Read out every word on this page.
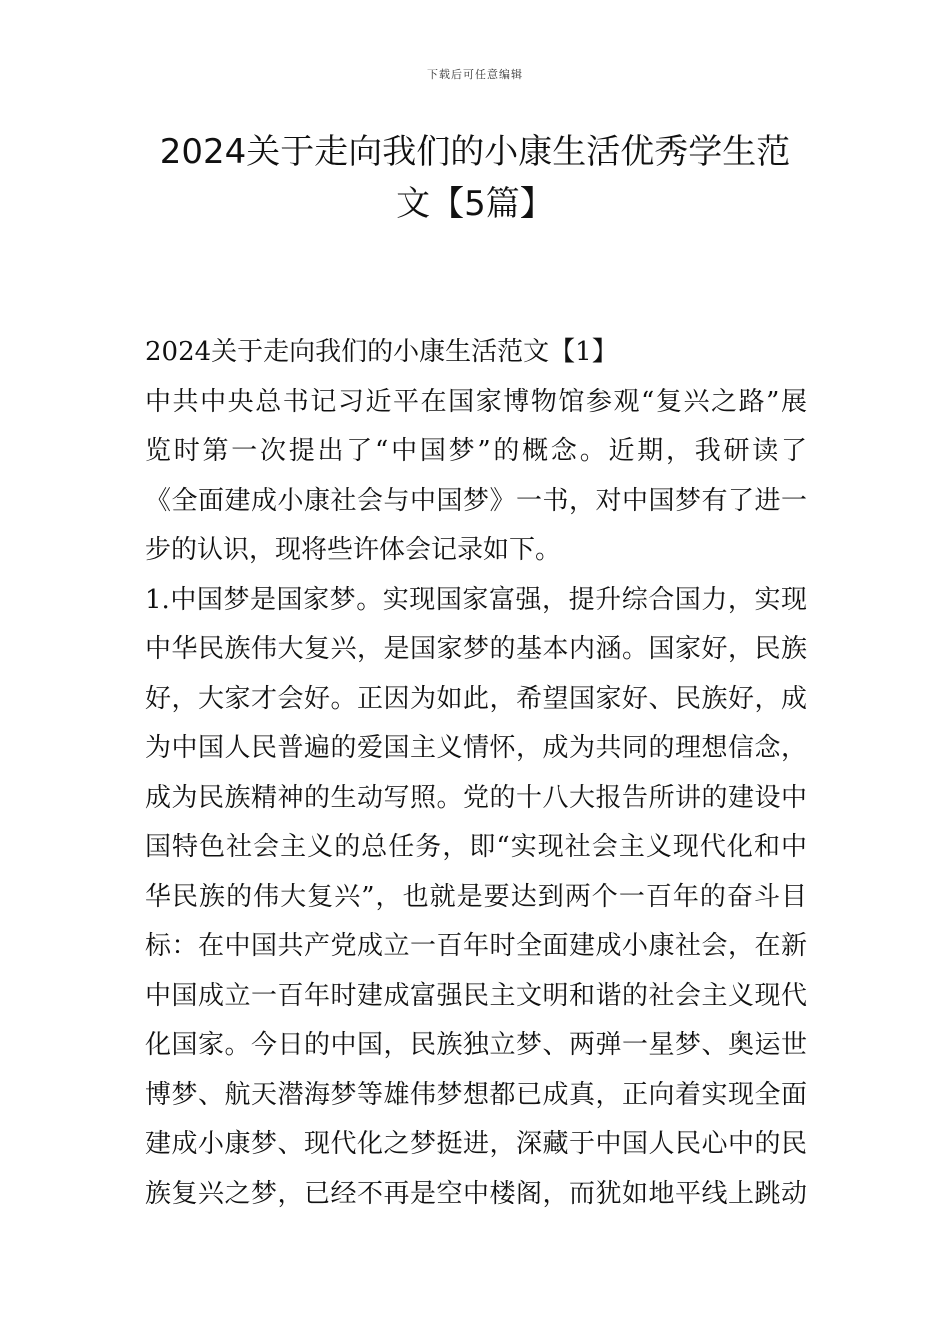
下载后可任意编辑
2024关于走向我们的小康生活优秀学生范
文【5篇】
2024关于走向我们的小康生活范文【1】
中共中央总书记习近平在国家博物馆参观“复兴之路”展
览时第一次提出了“中国梦”的概念。近期，我研读了
《全面建成小康社会与中国梦》一书，对中国梦有了进一
步的认识，现将些许体会记录如下。
1.中国梦是国家梦。实现国家富强，提升综合国力，实现
中华民族伟大复兴，是国家梦的基本内涵。国家好，民族
好，大家才会好。正因为如此，希望国家好、民族好，成
为中国人民普遍的爱国主义情怀，成为共同的理想信念，
成为民族精神的生动写照。党的十八大报告所讲的建设中
国特色社会主义的总任务，即“实现社会主义现代化和中
华民族的伟大复兴”，也就是要达到两个一百年的奋斗目
标：在中国共产党成立一百年时全面建成小康社会，在新
中国成立一百年时建成富强民主文明和谐的社会主义现代
化国家。今日的中国，民族独立梦、两弹一星梦、奥运世
博梦、航天潜海梦等雄伟梦想都已成真，正向着实现全面
建成小康梦、现代化之梦挺进，深藏于中国人民心中的民
族复兴之梦，已经不再是空中楼阁，而犹如地平线上跳动
